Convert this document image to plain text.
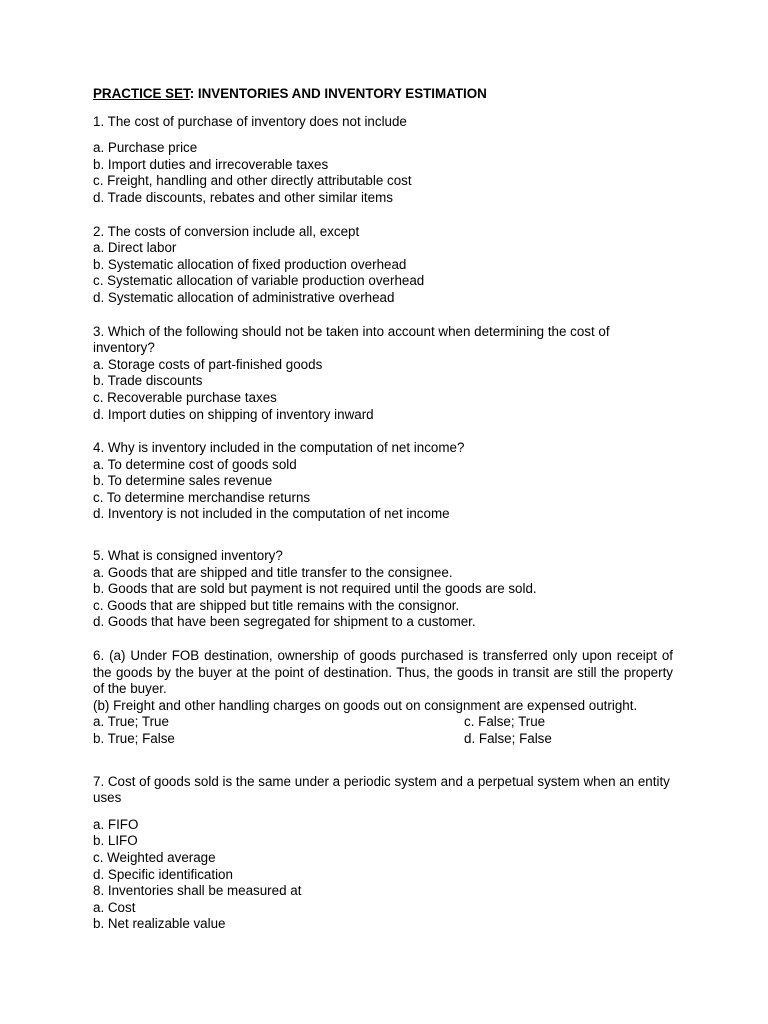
PRACTICE SET: INVENTORIES AND INVENTORY ESTIMATION
1. The cost of purchase of inventory does not include
a. Purchase price
b. Import duties and irrecoverable taxes
c. Freight, handling and other directly attributable cost
d. Trade discounts, rebates and other similar items
2. The costs of conversion include all, except
a. Direct labor
b. Systematic allocation of fixed production overhead
c. Systematic allocation of variable production overhead
d. Systematic allocation of administrative overhead
3. Which of the following should not be taken into account when determining the cost of inventory?
a. Storage costs of part-finished goods
b. Trade discounts
c. Recoverable purchase taxes
d. Import duties on shipping of inventory inward
4. Why is inventory included in the computation of net income?
a. To determine cost of goods sold
b. To determine sales revenue
c. To determine merchandise returns
d. Inventory is not included in the computation of net income
5. What is consigned inventory?
a. Goods that are shipped and title transfer to the consignee.
b. Goods that are sold but payment is not required until the goods are sold.
c. Goods that are shipped but title remains with the consignor.
d. Goods that have been segregated for shipment to a customer.
6. (a) Under FOB destination, ownership of goods purchased is transferred only upon receipt of the goods by the buyer at the point of destination. Thus, the goods in transit are still the property of the buyer.
(b) Freight and other handling charges on goods out on consignment are expensed outright.
a. True; True	c. False; True
b. True; False	d. False; False
7. Cost of goods sold is the same under a periodic system and a perpetual system when an entity uses
a. FIFO
b. LIFO
c. Weighted average
d. Specific identification
8. Inventories shall be measured at
a. Cost
b. Net realizable value
